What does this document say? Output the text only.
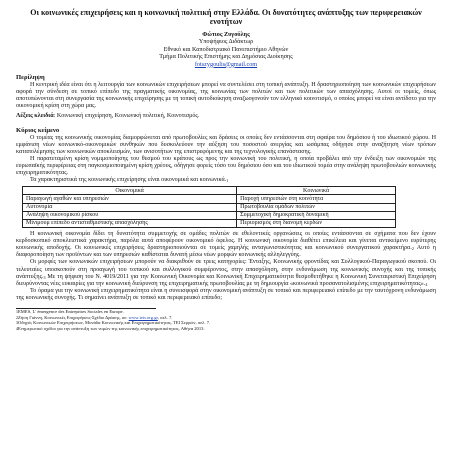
Οι κοινωνικές επιχειρήσεις και η κοινωνική πολιτική στην Ελλάδα. Οι δυνατότητες ανάπτυξης των περιφερειακών ενοτήτων
Φώτιος Ζυγούλης
Υποψήφιος Διδάκτωρ
Εθνικό και Καποδιστριακό Πανεπιστήμιο Αθηνών
Τμήμα Πολιτικής Επιστήμης και Δημόσιας Διοίκησης
fotszygoulis@gmail.com
Περίληψη

Η κεντρική ιδέα είναι ότι η λειτουργία των κοινωνικών επιχειρήσεων μπορεί να συντελέσει στη τοπική ανάπτυξη. Η δραστηριοποίηση των κοινωνικών επιχειρήσεων αφορά την σύνδεση σε τοπικό επίπεδο της πραγματικής οικονομίας, της κοινωνίας των πολιτών και των πολιτικών των απασχόλησης. Αυτοί οι τομείς, όπως αποτυπώνονται στη συνεργασία της κοινωνικής επιχείρησης με τη τοπική αυτοδιοίκηση αναζωογονούν τον ελληνικό κοινοτισμό, ο οποίος μπορεί να είναι αντίδοτο για την οικονομική κρίση στη χώρα μας.

Λέξεις κλειδιά: Κοινωνική επιχείρηση, Κοινωνική πολιτική, Κοινοτισμός.
Κύριος κείμενο

Ο τομέας της κοινωνικής οικονομίας διαμορφώνεται από πρωτοβουλίες και δράσεις οι οποίες δεν εντάσσονται στη σφαίρα του δημόσιου ή του ιδιωτικού χώρου. Η εμφάνιση νέων κοινωνικό-οικονομικών συνθηκών που δυσκολεύουν την αύξηση του ποσοστού ανεργίας και ωσάμπας οδήγησε στην αναζήτηση νέων τρόπων καταπολέμησης των κοινωνικών αποκλεισμών, των ανισοτήτων της επιστρεφόμενης και της τεχνολογικής επανάστασης.

Η παρατεταμένη κρίση νομιμοποίησης του θεσμού του κράτους ως προς την κοινωνική του πολιτική, η οποία προβάλει από την ένδειξη των οικονομιών της ευρωπαϊκής περιφέρειας στη παγκοσμιοποιημένη κρίση χρέους, οδήγησε φορείς τόσο του δημόσιου όσο και του ιδιωτικού τομέα στην ανάληψη πρωτοβουλιών κοινωνικής επιχειρηματικότητας.

Τα χαρακτηριστικά της κοινωνικής επιχείρησης είναι οικονομικά και κοινωνικά.$^1$

Οικονομικά	Κοινωνικά
Παραγωγή αγαθών και υπηρεσιών	Παροχή υπηρεσιών στη κοινότητα
Αυτονομία	Πρωτοβουλία ομάδων πολιτών
Ανάληψη οικονομικού ρίσκου	Συμμετοχική δημοκρατική δυναμική
Μίνιμουμ επίπεδο αντισταθμιστικής απασχόλησης	Περιορισμός στη διανομή κερδών

Η κοινωνική οικονομία δίδει τη δυνατότητα συμμετοχής σε ομάδες πολιτών σε εθελοντικές οργανώσεις οι οποίες εντάσσονται σε σχήματα που δεν έχουν κερδοσκοπικό αποκλειστικά χαρακτήρα, παρόλα αυτά αποφέρουν οικονομικό όφελος. Η κοινωνική οικονομία διαθέτει επικέλεια και γίνεται αντικείμενο ευρύτερης κοινωνικής αποδοχής. Οι κοινωνικές επιχειρήσεις δραστηριοποιούνται σε τομείς χαμηλής ανταγωνιστικότητας και κοινωνικού συνεργατικού χαρακτήρα.$^2$ Αυτό η διαφοροποίηση των προϊόντων και των υπηρεσιών καθίσταται δυνατή μέσω νέων μορφών κοινωνικής αλληλεγγύης.

Οι μορφές των κοινωνικών επιχειρήσεων μπορούν να διακριθούν σε τρεις κατηγορίες: Ένταξης, Κοινωνικής φροντίδας και Συλλογικού-Παραγωγικού σκοπού. Οι τελευταίες υποσκοπούν στη προαγωγή του τοπικού και συλλογικού συμφέροντος, στην απασχόληση, στην ενδυνάμωση της κοινωνικής συνοχής και της τοπικής ανάπτυξης.$^3$ Με τη ψήφιση του Ν. 4019/2011 για την Κοινωνική Οικονομία και Κοινωνική Επιχειρηματικότητα θεσμοθετήθηκε η Κοινωνική Συνεταιριστική Επιχείρηση διευρύνοντας νέες ευκαιρίες για την κοινωνική διεύρυνση της επιχειρηματικής πρωτοβουλίας με τη δημιουργία «κοινωνικά προσανατολισμένης επιχειρηματικότητας».$^4$

Το όραμα για την κοινωνική επιχειρηματικότητα είναι η συνεισφορά στην οικονομική ανάπτυξη σε τοπικό και περιφερειακό επίπεδο με την ταυτόχρονη ενδυνάμωση της κοινωνικής συνοχής. Τι σημαίνει ανάπτυξη σε τοπικό και περιφερειακό επίπεδο;

$^1$EMES, L' émergence des Entreprises Sociales en Europe.
$^2$Ζήση Γιάννη, Κοινωνικές Επιχειρήσεις-Σχέδιο Δράσης, σε: www.ieis.org.gr, σελ. 7.
$^3$Οδηγός Κοινωνικών Επιχειρήσεων, Μονάδα Κοινωνικής και Επιχειρηματικότητας, ΤΕΙ Σερρών, σελ. 7.
$^4$Ενημερωτικό σχέδιο για την ανάπτυξη των νομών της κοινωνικής επιχειρηματικότητας, Αθήνα 2013.
